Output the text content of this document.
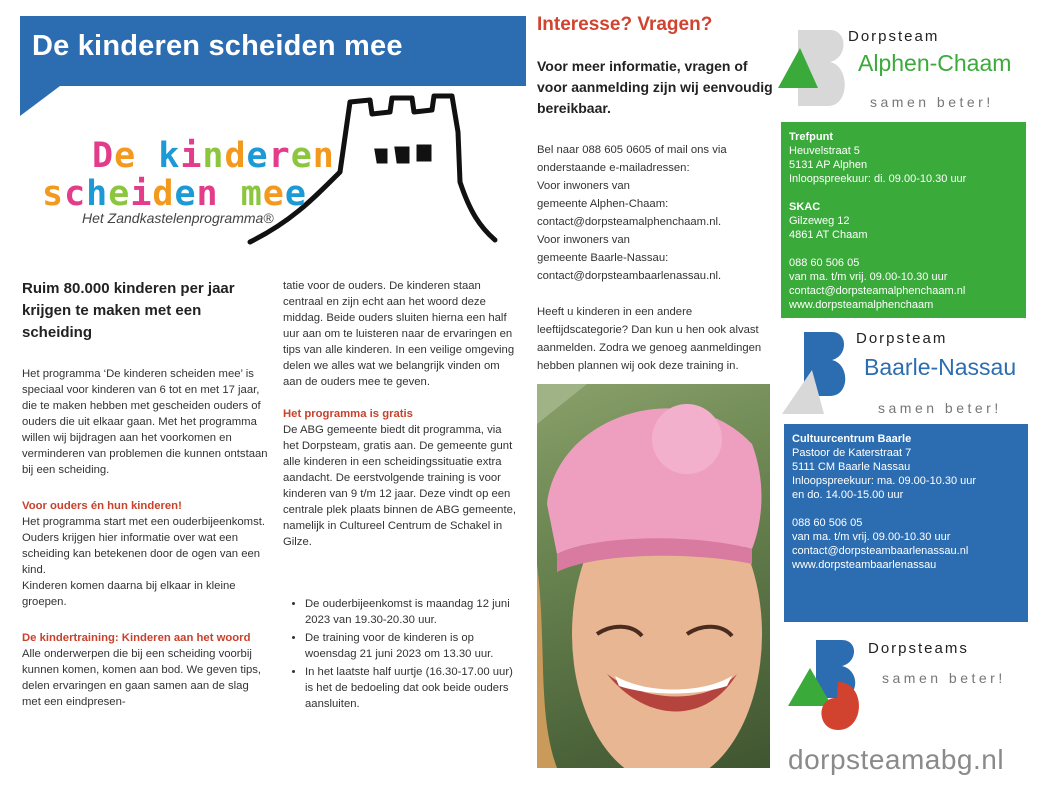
De kinderen scheiden mee
De kinderen
scheiden mee
Het Zandkastelenprogramma®
Ruim 80.000 kinderen per jaar krijgen te maken met een scheiding

Het programma ‘De kinderen scheiden mee’ is speciaal voor kinderen van 6 tot en met 17 jaar, die te maken hebben met gescheiden ouders of ouders die uit elkaar gaan. Met het programma willen wij bijdragen aan het voorkomen en verminderen van problemen die kunnen ontstaan bij een scheiding.

Voor ouders én hun kinderen!

Het programma start met een ouderbijeenkomst. Ouders krijgen hier informatie over wat een scheiding kan betekenen door de ogen van een kind.

Kinderen komen daarna bij elkaar in kleine groepen.

De kindertraining: Kinderen aan het woord

Alle onderwerpen die bij een scheiding voorbij kunnen komen, komen aan bod. We geven tips, delen ervaringen en gaan samen aan de slag met een eindpresen-

tatie voor de ouders. De kinderen staan centraal en zijn echt aan het woord deze middag. Beide ouders sluiten hierna een half uur aan om te luisteren naar de ervaringen en tips van alle kinderen. In een veilige omgeving delen we alles wat we belangrijk vinden om aan de ouders mee te geven.

Het programma is gratis

De ABG gemeente biedt dit programma, via het Dorpsteam, gratis aan. De gemeente gunt alle kinderen in een scheidingssituatie extra aandacht. De eerstvolgende training is voor kinderen van 9 t/m 12 jaar. Deze vindt op een centrale plek plaats binnen de ABG gemeente, namelijk in Cultureel Centrum de Schakel in Gilze.

• De ouderbijeenkomst is maandag 12 juni 2023 van 19.30-20.30 uur.
• De training voor de kinderen is op woensdag 21 juni 2023 om 13.30 uur.
• In het laatste half uurtje (16.30-17.00 uur) is het de bedoeling dat ook beide ouders aansluiten.
Interesse? Vragen?
Voor meer informatie, vragen of voor aanmelding zijn wij eenvoudig bereikbaar.
Bel naar 088 605 0605 of mail ons via
onderstaande e-mailadressen:
Voor inwoners van
gemeente Alphen-Chaam:
contact@dorpsteamalphenchaam.nl.
Voor inwoners van
gemeente Baarle-Nassau:
contact@dorpsteambaarlenassau.nl.
Heeft u kinderen in een andere leeftijdscategorie? Dan kun u hen ook alvast aanmelden. Zodra we genoeg aanmeldingen hebben plannen wij ook deze training in.
Dorpsteam
Alphen-Chaam
samen beter!
Trefpunt
Heuvelstraat 5
5131 AP Alphen
Inloopspreekuur: di. 09.00-10.30 uur
SKAC
Gilzeweg 12
4861 AT Chaam
088 60 506 05
van ma. t/m vrij. 09.00-10.30 uur
contact@dorpsteamalphenchaam.nl
www.dorpsteamalphenchaam
Dorpsteam
Baarle-Nassau
samen beter!
Cultuurcentrum Baarle
Pastoor de Katerstraat 7
5111 CM Baarle Nassau
Inloopspreekuur: ma. 09.00-10.30 uur
en do. 14.00-15.00 uur
088 60 506 05
van ma. t/m vrij. 09.00-10.30 uur
contact@dorpsteambaarlenassau.nl
www.dorpsteambaarlenassau
Dorpsteams
samen beter!
dorpsteamabg.nl
